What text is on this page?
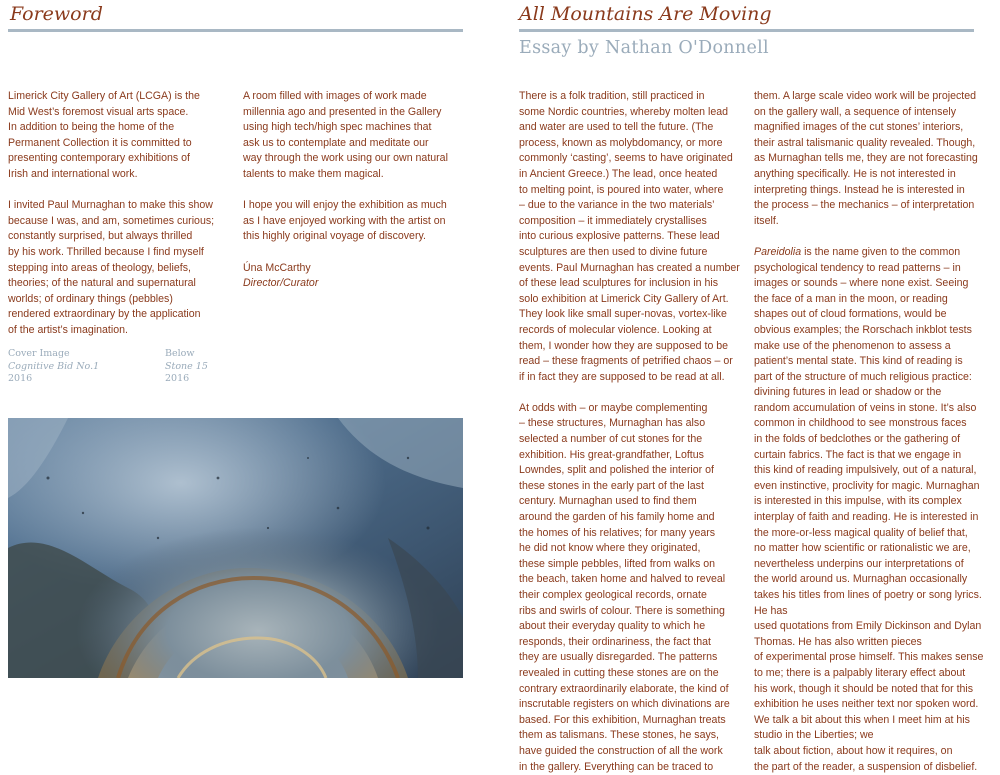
Foreword

Limerick City Gallery of Art (LCGA) is the
Mid West’s foremost visual arts space.
In addition to being the home of the
Permanent Collection it is committed to
presenting contemporary exhibitions of
Irish and international work.

I invited Paul Murnaghan to make this show
because I was, and am, sometimes curious;
constantly surprised, but always thrilled
by his work. Thrilled because I find myself
stepping into areas of theology, beliefs,
theories; of the natural and supernatural
worlds; of ordinary things (pebbles)
rendered extraordinary by the application
of the artist’s imagination.

A room filled with images of work made
millennia ago and presented in the Gallery
using high tech/high spec machines that
ask us to contemplate and meditate our
way through the work using our own natural
talents to make them magical.

I hope you will enjoy the exhibition as much
as I have enjoyed working with the artist on
this highly original voyage of discovery.

Úna McCarthy
Director/Curator

Cover Image
Cognitive Bid No.1
2016
Below
Stone 15
2016
All Mountains Are Moving
Essay by Nathan O'Donnell

There is a folk tradition, still practiced in
some Nordic countries, whereby molten lead
and water are used to tell the future. (The
process, known as molybdomancy, or more
commonly ‘casting’, seems to have originated
in Ancient Greece.) The lead, once heated
to melting point, is poured into water, where
– due to the variance in the two materials’
composition – it immediately crystallises
into curious explosive patterns. These lead
sculptures are then used to divine future
events. Paul Murnaghan has created a number
of these lead sculptures for inclusion in his
solo exhibition at Limerick City Gallery of Art.
They look like small super-novas, vortex-like
records of molecular violence. Looking at
them, I wonder how they are supposed to be
read – these fragments of petrified chaos – or
if in fact they are supposed to be read at all.

At odds with – or maybe complementing
– these structures, Murnaghan has also
selected a number of cut stones for the
exhibition. His great-grandfather, Loftus
Lowndes, split and polished the interior of
these stones in the early part of the last
century. Murnaghan used to find them
around the garden of his family home and
the homes of his relatives; for many years
he did not know where they originated,
these simple pebbles, lifted from walks on
the beach, taken home and halved to reveal
their complex geological records, ornate
ribs and swirls of colour. There is something
about their everyday quality to which he
responds, their ordinariness, the fact that
they are usually disregarded. The patterns
revealed in cutting these stones are on the
contrary extraordinarily elaborate, the kind of
inscrutable registers on which divinations are
based. For this exhibition, Murnaghan treats
them as talismans. These stones, he says,
have guided the construction of all the work
in the gallery. Everything can be traced to

them. A large scale video work will be projected
on the gallery wall, a sequence of intensely
magnified images of the cut stones’ interiors,
their astral talismanic quality revealed. Though,
as Murnaghan tells me, they are not forecasting
anything specifically. He is not interested in
interpreting things. Instead he is interested in
the process – the mechanics – of interpretation
itself.

Pareidolia is the name given to the common
psychological tendency to read patterns – in
images or sounds – where none exist. Seeing
the face of a man in the moon, or reading
shapes out of cloud formations, would be
obvious examples; the Rorschach inkblot tests
make use of the phenomenon to assess a
patient’s mental state. This kind of reading is
part of the structure of much religious practice:
divining futures in lead or shadow or the
random accumulation of veins in stone. It’s also
common in childhood to see monstrous faces
in the folds of bedclothes or the gathering of
curtain fabrics. The fact is that we engage in
this kind of reading impulsively, out of a natural,
even instinctive, proclivity for magic. Murnaghan
is interested in this impulse, with its complex
interplay of faith and reading. He is interested in
the more-or-less magical quality of belief that,
no matter how scientific or rationalistic we are,
nevertheless underpins our interpretations of
the world around us. Murnaghan occasionally
takes his titles from lines of poetry or song lyrics.
He has
used quotations from Emily Dickinson and Dylan
Thomas. He has also written pieces
of experimental prose himself. This makes sense
to me; there is a palpably literary effect about
his work, though it should be noted that for this
exhibition he uses neither text nor spoken word.
We talk a bit about this when I meet him at his
studio in the Liberties; we
talk about fiction, about how it requires, on
the part of the reader, a suspension of disbelief.
